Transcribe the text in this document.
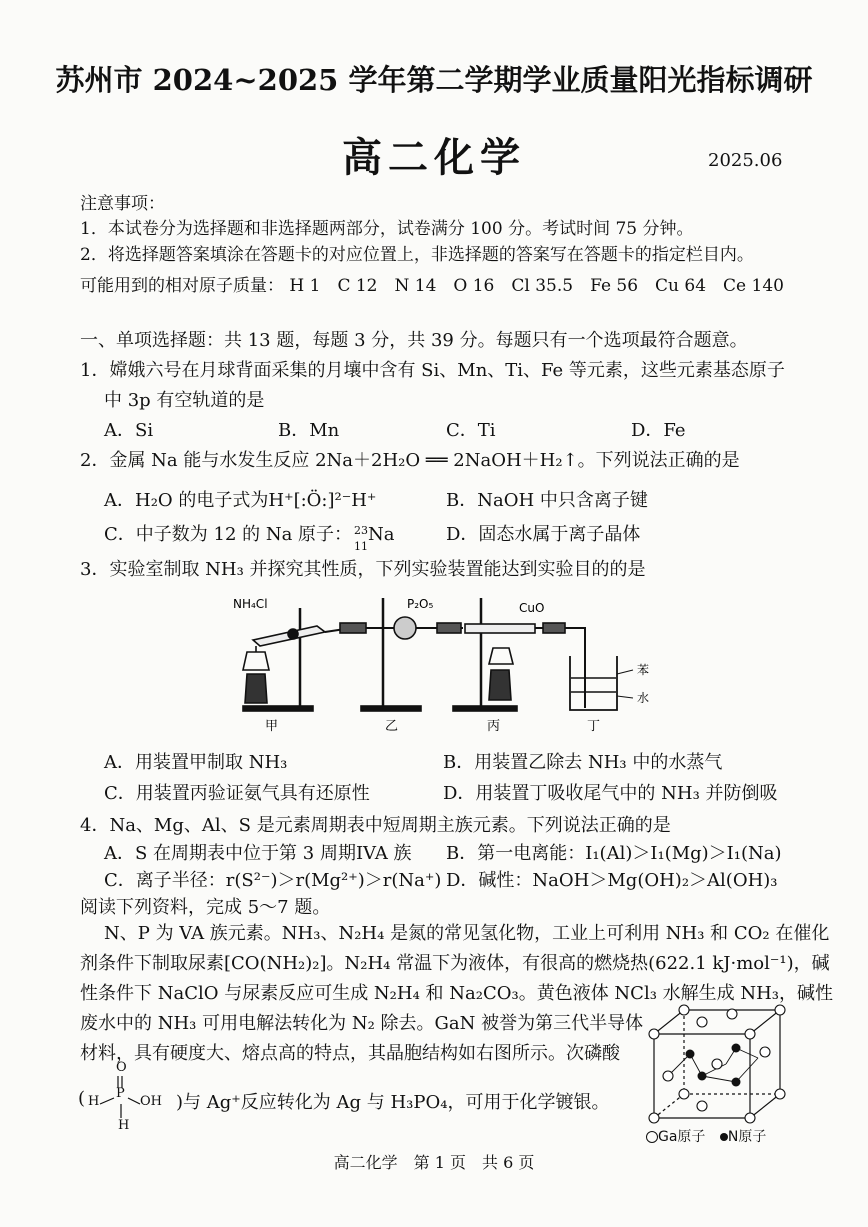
苏州市 2024~2025 学年第二学期学业质量阳光指标调研
高二化学	2025.06
注意事项：
1．本试卷分为选择题和非选择题两部分，试卷满分 100 分。考试时间 75 分钟。
2．将选择题答案填涂在答题卡的对应位置上，非选择题的答案写在答题卡的指定栏目内。
可能用到的相对原子质量： H 1　C 12　N 14　O 16　Cl 35.5　Fe 56　Cu 64　Ce 140
一、单项选择题：共 13 题，每题 3 分，共 39 分。每题只有一个选项最符合题意。
1．嫦娥六号在月球背面采集的月壤中含有 Si、Mn、Ti、Fe 等元素，这些元素基态原子
中 3p 有空轨道的是
A．Si	B．Mn	C．Ti	D．Fe
2．金属 Na 能与水发生反应 2Na＋2H₂O ══ 2NaOH＋H₂↑。下列说法正确的是
A．H₂O 的电子式为H⁺[:Ö:]²⁻H⁺	B．NaOH 中只含离子键
C．中子数为 12 的 Na 原子： 23
11
Na	D．固态水属于离子晶体
3．实验室制取 NH₃ 并探究其性质，下列实验装置能达到实验目的的是
NH₄Cl	P₂O₅	CuO
苯
水
甲	乙	丙	丁
A．用装置甲制取 NH₃	B．用装置乙除去 NH₃ 中的水蒸气
C．用装置丙验证氨气具有还原性	D．用装置丁吸收尾气中的 NH₃ 并防倒吸
4．Na、Mg、Al、S 是元素周期表中短周期主族元素。下列说法正确的是
A．S 在周期表中位于第 3 周期IVA 族 B．第一电离能：I₁(Al)＞I₁(Mg)＞I₁(Na)
C．离子半径：r(S²⁻)＞r(Mg²⁺)＞r(Na⁺) D．碱性：NaOH＞Mg(OH)₂＞Al(OH)₃
阅读下列资料，完成 5～7 题。
N、P 为 VA 族元素。NH₃、N₂H₄ 是氮的常见氢化物，工业上可利用 NH₃ 和 CO₂ 在催化
剂条件下制取尿素[CO(NH₂)₂]。N₂H₄ 常温下为液体，有很高的燃烧热(622.1 kJ·mol⁻¹)，碱
性条件下 NaClO 与尿素反应可生成 N₂H₄ 和 Na₂CO₃。黄色液体 NCl₃ 水解生成 NH₃，碱性
废水中的 NH₃ 可用电解法转化为 N₂ 除去。GaN 被誉为第三代半导体
材料，具有硬度大、熔点高的特点，其晶胞结构如右图所示。次磷酸
(
O
H
P
OH
H
)与 Ag⁺反应转化为 Ag 与 H₃PO₄，可用于化学镀银。
Ga原子 N原子
高二化学　第 1 页　共 6 页
